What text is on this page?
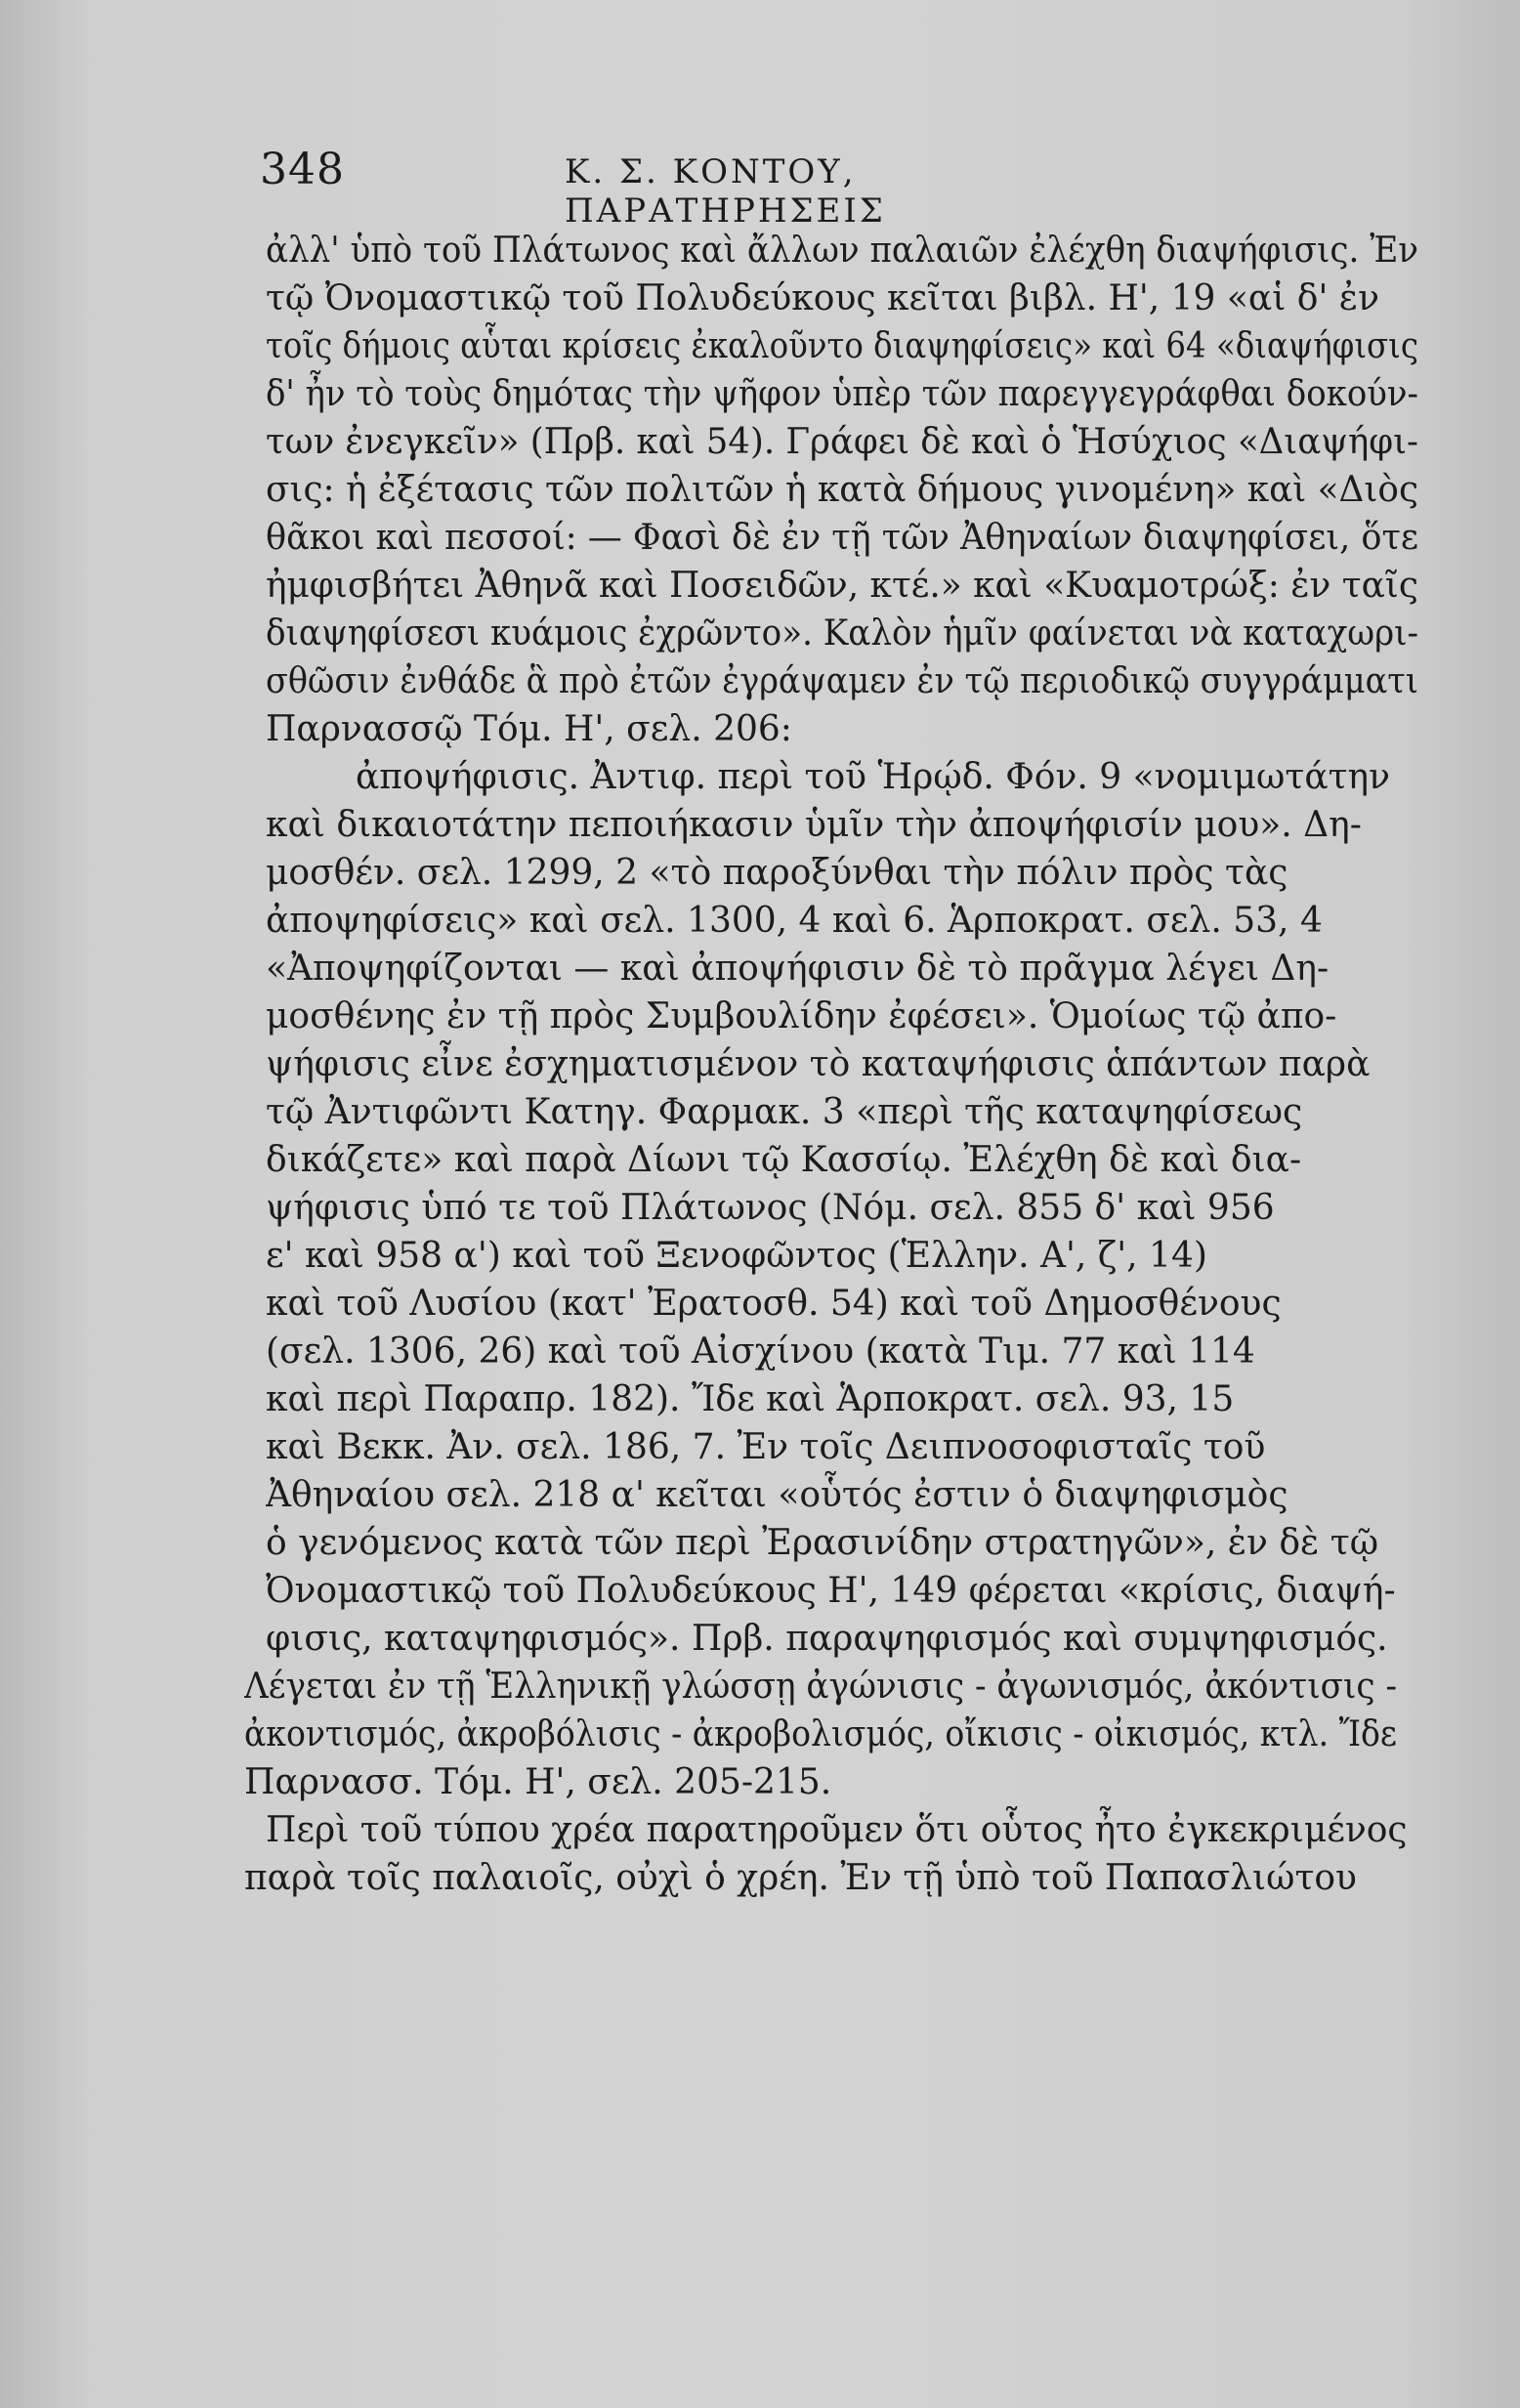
348	Κ. Σ. ΚΟΝΤΟΥ, ΠΑΡΑΤΗΡΗΣΕΙΣ
ἀλλ' ὑπὸ τοῦ Πλάτωνος καὶ ἄλλων παλαιῶν ἐλέχθη διαψήφισις. Ἐν
τῷ Ὀνομαστικῷ τοῦ Πολυδεύκους κεῖται βιβλ. Η', 19 «αἱ δ' ἐν
τοῖς δήμοις αὗται κρίσεις ἐκαλοῦντο διαψηφίσεις» καὶ 64 «διαψήφισις
δ' ἦν τὸ τοὺς δημότας τὴν ψῆφον ὑπὲρ τῶν παρεγγεγράφθαι δοκούν-
των ἐνεγκεῖν» (Πρβ. καὶ 54). Γράφει δὲ καὶ ὁ Ἡσύχιος «Διαψήφι-
σις: ἡ ἐξέτασις τῶν πολιτῶν ἡ κατὰ δήμους γινομένη» καὶ «Διὸς
θᾶκοι καὶ πεσσοί: — Φασὶ δὲ ἐν τῇ τῶν Ἀθηναίων διαψηφίσει, ὅτε
ἠμφισβήτει Ἀθηνᾶ καὶ Ποσειδῶν, κτέ.» καὶ «Κυαμοτρώξ: ἐν ταῖς
διαψηφίσεσι κυάμοις ἐχρῶντο». Καλὸν ἡμῖν φαίνεται νὰ καταχωρι-
σθῶσιν ἐνθάδε ἃ πρὸ ἐτῶν ἐγράψαμεν ἐν τῷ περιοδικῷ συγγράμματι
Παρνασσῷ Τόμ. Η', σελ. 206:
ἀποψήφισις. Ἀντιφ. περὶ τοῦ Ἡρῴδ. Φόν. 9 «νομιμωτάτην
καὶ δικαιοτάτην πεποιήκασιν ὑμῖν τὴν ἀποψήφισίν μου». Δη-
μοσθέν. σελ. 1299, 2 «τὸ παροξύνθαι τὴν πόλιν πρὸς τὰς
ἀποψηφίσεις» καὶ σελ. 1300, 4 καὶ 6. Ἁρποκρατ. σελ. 53, 4
«Ἀποψηφίζονται — καὶ ἀποψήφισιν δὲ τὸ πρᾶγμα λέγει Δη-
μοσθένης ἐν τῇ πρὸς Συμβουλίδην ἐφέσει». Ὁμοίως τῷ ἀπο-
ψήφισις εἶνε ἐσχηματισμένον τὸ καταψήφισις ἁπάντων παρὰ
τῷ Ἀντιφῶντι Κατηγ. Φαρμακ. 3 «περὶ τῆς καταψηφίσεως
δικάζετε» καὶ παρὰ Δίωνι τῷ Κασσίῳ. Ἐλέχθη δὲ καὶ δια-
ψήφισις ὑπό τε τοῦ Πλάτωνος (Νόμ. σελ. 855 δ' καὶ 956
ε' καὶ 958 α') καὶ τοῦ Ξενοφῶντος (Ἑλλην. Α', ζ', 14)
καὶ τοῦ Λυσίου (κατ' Ἐρατοσθ. 54) καὶ τοῦ Δημοσθένους
(σελ. 1306, 26) καὶ τοῦ Αἰσχίνου (κατὰ Τιμ. 77 καὶ 114
καὶ περὶ Παραπρ. 182). Ἴδε καὶ Ἁρποκρατ. σελ. 93, 15
καὶ Βεκκ. Ἀν. σελ. 186, 7. Ἐν τοῖς Δειπνοσοφισταῖς τοῦ
Ἀθηναίου σελ. 218 α' κεῖται «οὗτός ἐστιν ὁ διαψηφισμὸς
ὁ γενόμενος κατὰ τῶν περὶ Ἐρασινίδην στρατηγῶν», ἐν δὲ τῷ
Ὀνομαστικῷ τοῦ Πολυδεύκους Η', 149 φέρεται «κρίσις, διαψή-
φισις, καταψηφισμός». Πρβ. παραψηφισμός καὶ συμψηφισμός.
Λέγεται ἐν τῇ Ἑλληνικῇ γλώσσῃ ἀγώνισις - ἀγωνισμός, ἀκόντισις -
ἀκοντισμός, ἀκροβόλισις - ἀκροβολισμός, οἴκισις - οἰκισμός, κτλ. Ἴδε
Παρνασσ. Τόμ. Η', σελ. 205-215.
Περὶ τοῦ τύπου χρέα παρατηροῦμεν ὅτι οὗτος ἦτο ἐγκεκριμένος
παρὰ τοῖς παλαιοῖς, οὐχὶ ὁ χρέη. Ἐν τῇ ὑπὸ τοῦ Παπασλιώτου
